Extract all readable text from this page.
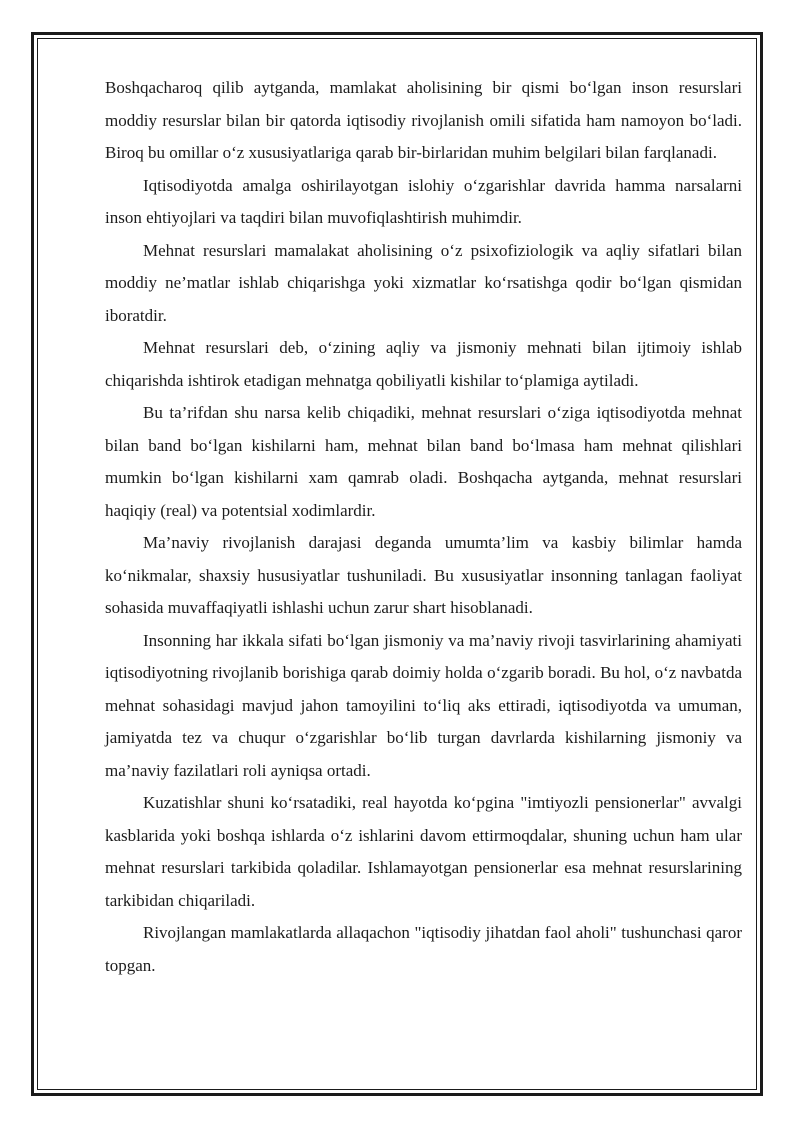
Boshqacharoq qilib aytganda, mamlakat aholisining bir qismi bo‘lgan inson resurslari moddiy resurslar bilan bir qatorda iqtisodiy rivojlanish omili sifatida ham namoyon bo‘ladi. Biroq bu omillar o‘z xususiyatlariga qarab bir-birlaridan muhim belgilari bilan farqlanadi.

Iqtisodiyotda amalga oshirilayotgan islohiy o‘zgarishlar davrida hamma narsalarni inson ehtiyojlari va taqdiri bilan muvofiqlashtirish muhimdir.

Mehnat resurslari mamalakat aholisining o‘z psixofiziologik va aqliy sifatlari bilan moddiy ne’matlar ishlab chiqarishga yoki xizmatlar ko‘rsatishga qodir bo‘lgan qismidan iboratdir.

Mehnat resurslari deb, o‘zining aqliy va jismoniy mehnati bilan ijtimoiy ishlab chiqarishda ishtirok etadigan mehnatga qobiliyatli kishilar to‘plamiga aytiladi.

Bu ta’rifdan shu narsa kelib chiqadiki, mehnat resurslari o‘ziga iqtisodiyotda mehnat bilan band bo‘lgan kishilarni ham, mehnat bilan band bo‘lmasa ham mehnat qilishlari mumkin bo‘lgan kishilarni xam qamrab oladi. Boshqacha aytganda, mehnat resurslari haqiqiy (real) va potentsial xodimlardir.

Ma’naviy rivojlanish darajasi deganda umumta’lim va kasbiy bilimlar hamda ko‘nikmalar, shaxsiy hususiyatlar tushuniladi. Bu xususiyatlar insonning tanlagan faoliyat sohasida muvaffaqiyatli ishlashi uchun zarur shart hisoblanadi.

Insonning har ikkala sifati bo‘lgan jismoniy va ma’naviy rivoji tasvirlarining ahamiyati iqtisodiyotning rivojlanib borishiga qarab doimiy holda o‘zgarib boradi. Bu hol, o‘z navbatda mehnat sohasidagi mavjud jahon tamoyilini to‘liq aks ettiradi, iqtisodiyotda va umuman, jamiyatda tez va chuqur o‘zgarishlar bo‘lib turgan davrlarda kishilarning jismoniy va ma’naviy fazilatlari roli ayniqsa ortadi.

Kuzatishlar shuni ko‘rsatadiki, real hayotda ko‘pgina "imtiyozli pensionerlar" avvalgi kasblarida yoki boshqa ishlarda o‘z ishlarini davom ettirmoqdalar, shuning uchun ham ular mehnat resurslari tarkibida qoladilar. Ishlamayotgan pensionerlar esa mehnat resurslarining tarkibidan chiqariladi.

Rivojlangan mamlakatlarda allaqachon "iqtisodiy jihatdan faol aholi" tushunchasi qaror topgan.
